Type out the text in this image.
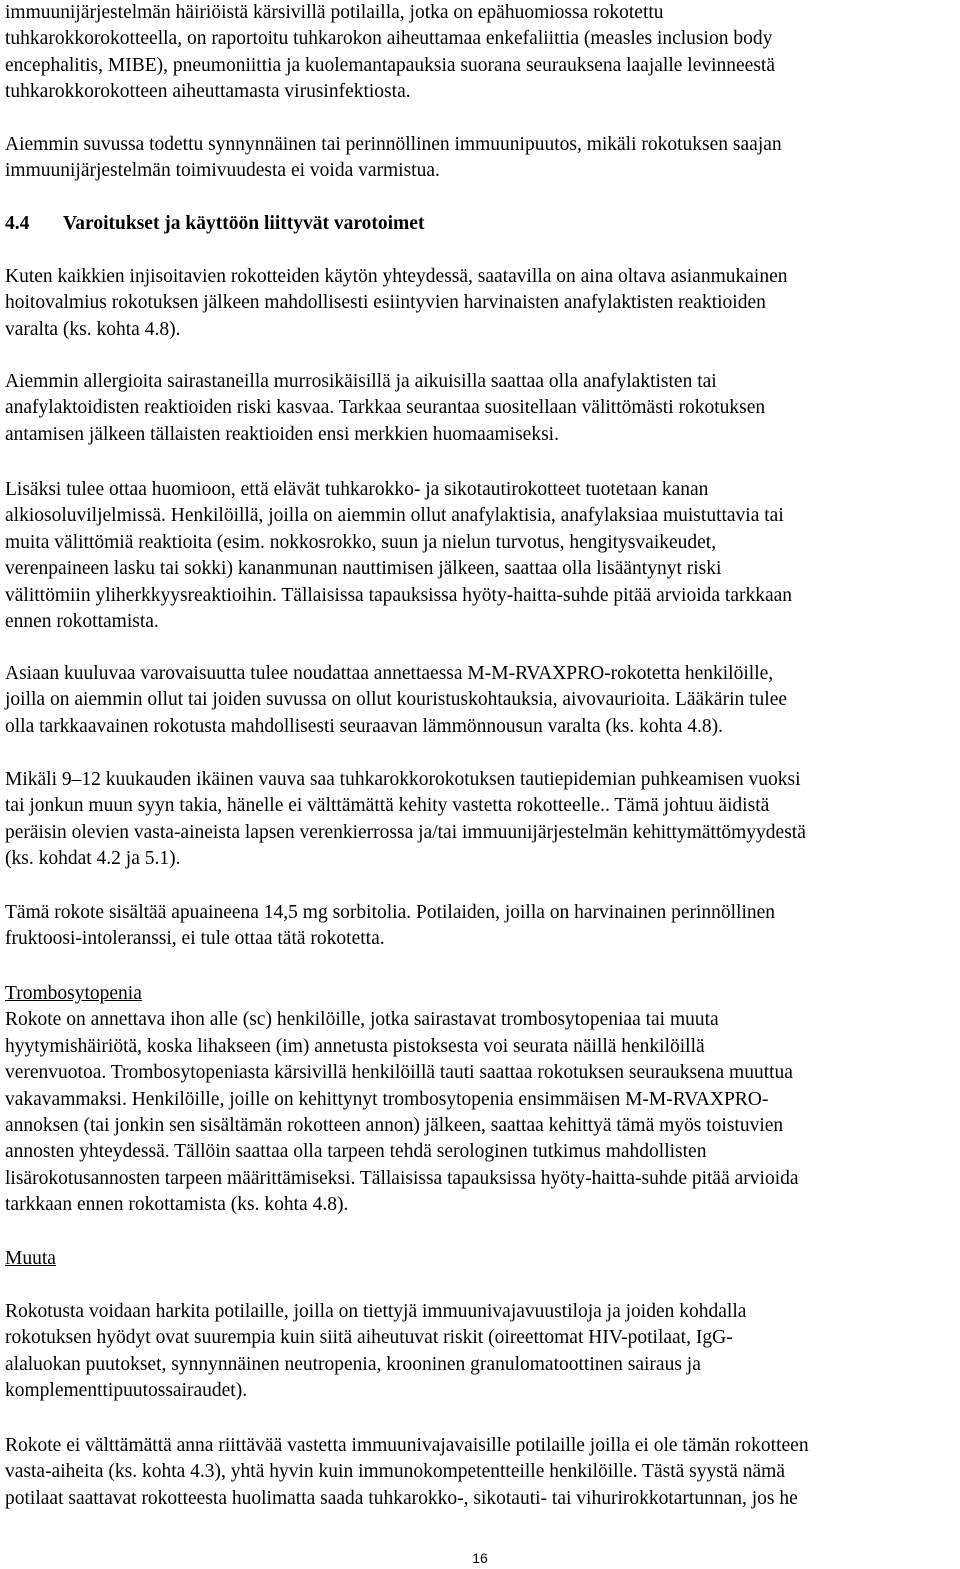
immuunijärjestelmän häiriöistä kärsivillä potilailla, jotka on epähuomiossa rokotettu
tuhkarokkorokotteella, on raportoitu tuhkarokon aiheuttamaa enkefaliittia (measles inclusion body
encephalitis, MIBE), pneumoniittia ja kuolemantapauksia suorana seurauksena laajalle levinneestä
tuhkarokkorokotteen aiheuttamasta virusinfektiosta.
Aiemmin suvussa todettu synnynnäinen tai perinnöllinen immuunipuutos, mikäli rokotuksen saajan
immuunijärjestelmän toimivuudesta ei voida varmistua.
4.4 Varoitukset ja käyttöön liittyvät varotoimet
Kuten kaikkien injisoitavien rokotteiden käytön yhteydessä, saatavilla on aina oltava asianmukainen
hoitovalmius rokotuksen jälkeen mahdollisesti esiintyvien harvinaisten anafylaktisten reaktioiden
varalta (ks. kohta 4.8).
Aiemmin allergioita sairastaneilla murrosikäisillä ja aikuisilla saattaa olla anafylaktisten tai
anafylaktoidisten reaktioiden riski kasvaa. Tarkkaa seurantaa suositellaan välittömästi rokotuksen
antamisen jälkeen tällaisten reaktioiden ensi merkkien huomaamiseksi.
Lisäksi tulee ottaa huomioon, että elävät tuhkarokko- ja sikotautirokotteet tuotetaan kanan
alkiosoluviljelmissä. Henkilöillä, joilla on aiemmin ollut anafylaktisia, anafylaksiaa muistuttavia tai
muita välittömiä reaktioita (esim. nokkosrokko, suun ja nielun turvotus, hengitysvaikeudet,
verenpaineen lasku tai sokki) kananmunan nauttimisen jälkeen, saattaa olla lisääntynyt riski
välittömiin yliherkkyysreaktioihin. Tällaisissa tapauksissa hyöty-haitta-suhde pitää arvioida tarkkaan
ennen rokottamista.
Asiaan kuuluvaa varovaisuutta tulee noudattaa annettaessa M-M-RVAXPRO-rokotetta henkilöille,
joilla on aiemmin ollut tai joiden suvussa on ollut kouristuskohtauksia, aivovaurioita. Lääkärin tulee
olla tarkkaavainen rokotusta mahdollisesti seuraavan lämmönnousun varalta (ks. kohta 4.8).
Mikäli 9–12 kuukauden ikäinen vauva saa tuhkarokkorokotuksen tautiepidemian puhkeamisen vuoksi
tai jonkun muun syyn takia, hänelle ei välttämättä kehity vastetta rokotteelle.. Tämä johtuu äidistä
peräisin olevien vasta-aineista lapsen verenkierrossa ja/tai immuunijärjestelmän kehittymättömyydestä
(ks. kohdat 4.2 ja 5.1).
Tämä rokote sisältää apuaineena 14,5 mg sorbitolia. Potilaiden, joilla on harvinainen perinnöllinen
fruktoosi-intoleranssi, ei tule ottaa tätä rokotetta.
Trombosytopenia
Rokote on annettava ihon alle (sc) henkilöille, jotka sairastavat trombosytopeniaa tai muuta
hyytymishäiriötä, koska lihakseen (im) annetusta pistoksesta voi seurata näillä henkilöillä
verenvuotoa. Trombosytopeniasta kärsivillä henkilöillä tauti saattaa rokotuksen seurauksena muuttua
vakavammaksi. Henkilöille, joille on kehittynyt trombosytopenia ensimmäisen M-M-RVAXPRO-
annoksen (tai jonkin sen sisältämän rokotteen annon) jälkeen, saattaa kehittyä tämä myös toistuvien
annosten yhteydessä. Tällöin saattaa olla tarpeen tehdä serologinen tutkimus mahdollisten
lisärokotusannosten tarpeen määrittämiseksi. Tällaisissa tapauksissa hyöty-haitta-suhde pitää arvioida
tarkkaan ennen rokottamista (ks. kohta 4.8).
Muuta
Rokotusta voidaan harkita potilaille, joilla on tiettyjä immuunivajavuustiloja ja joiden kohdalla
rokotuksen hyödyt ovat suurempia kuin siitä aiheutuvat riskit (oireettomat HIV-potilaat, IgG-
alaluokan puutokset, synnynnäinen neutropenia, krooninen granulomatoottinen sairaus ja
komplementtipuutossairaudet).
Rokote ei välttämättä anna riittävää vastetta immuunivajavaisille potilaille joilla ei ole tämän rokotteen
vasta-aiheita (ks. kohta 4.3), yhtä hyvin kuin immunokompetentteille henkilöille. Tästä syystä nämä
potilaat saattavat rokotteesta huolimatta saada tuhkarokko-, sikotauti- tai vihurirokkotartunnan, jos he
16
